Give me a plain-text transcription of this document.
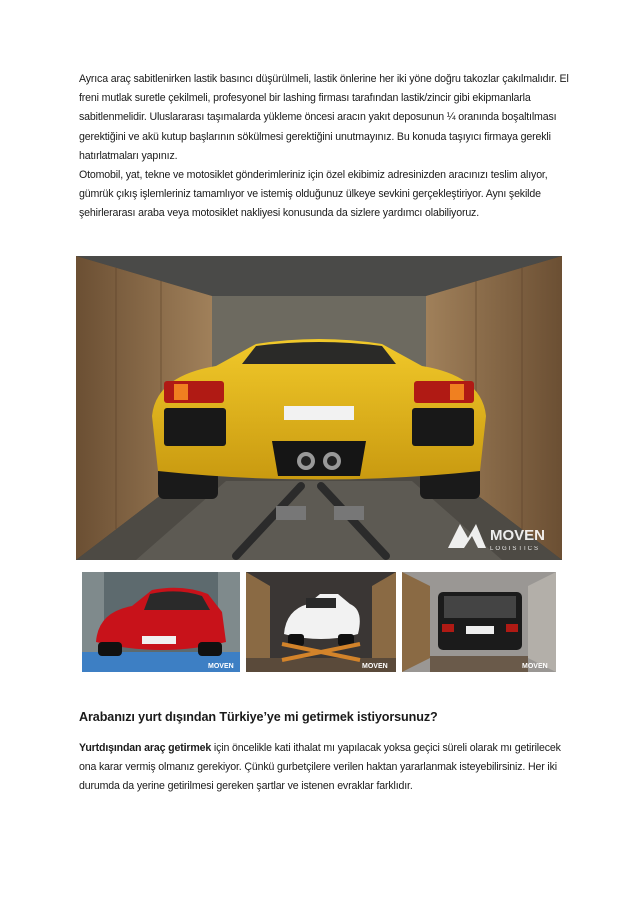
Ayrıca araç sabitlenirken lastik basıncı düşürülmeli, lastik önlerine her iki yöne doğru takozlar çakılmalıdır. El freni mutlak suretle çekilmeli, profesyonel bir lashing firması tarafından lastik/zincir gibi ekipmanlarla sabitlenmelidir. Uluslararası taşımalarda yükleme öncesi aracın yakıt deposunun ¼ oranında boşaltılması gerektiğini ve akü kutup başlarının sökülmesi gerektiğini unutmayınız. Bu konuda taşıyıcı firmaya gerekli hatırlatmaları yapınız.

Otomobil, yat, tekne ve motosiklet gönderimleriniz için özel ekibimiz adresinizden aracınızı teslim alıyor, gümrük çıkış işlemleriniz tamamlıyor ve istemiş olduğunuz ülkeye sevkini gerçekleştiriyor. Aynı şekilde şehirlerarası araba veya motosiklet nakliyesi konusunda da sizlere yardımcı olabiliyoruz.

MOVEN
LOGISTICS
MOVEN	MOVEN	MOVEN
Arabanızı yurt dışından Türkiye’ye mi getirmek istiyorsunuz?

Yurtdışından araç getirmek için öncelikle kati ithalat mı yapılacak yoksa geçici süreli olarak mı getirilecek ona karar vermiş olmanız gerekiyor. Çünkü gurbetçilere verilen haktan yararlanmak isteyebilirsiniz. Her iki durumda da yerine getirilmesi gereken şartlar ve istenen evraklar farklıdır.
